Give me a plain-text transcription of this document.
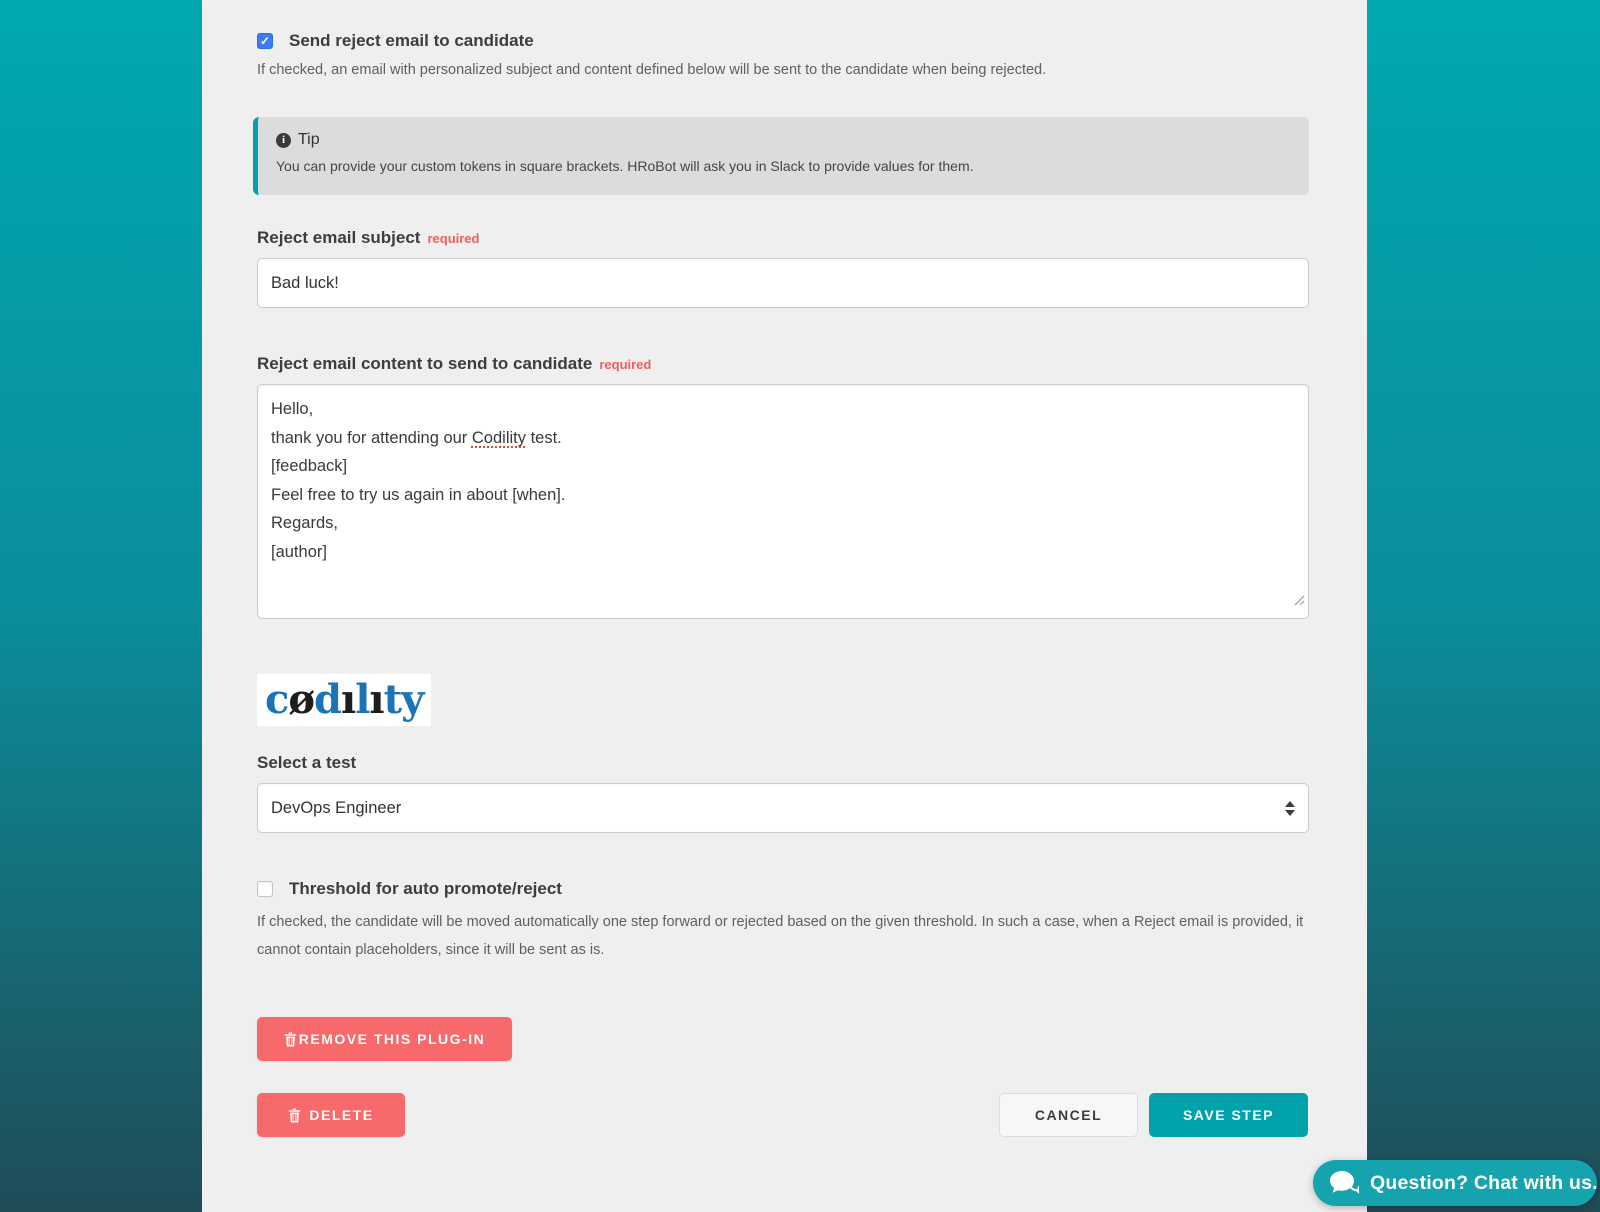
✓ Send reject email to candidate
If checked, an email with personalized subject and content defined below will be sent to the candidate when being rejected.
i Tip
You can provide your custom tokens in square brackets. HRoBot will ask you in Slack to provide values for them.
Reject email subject required
Bad luck!
Reject email content to send to candidate required
Hello,
thank you for attending our Codility test.
[feedback]
Feel free to try us again in about [when].
Regards,
[author]
cødılıty
Select a test
DevOps Engineer
Threshold for auto promote/reject
If checked, the candidate will be moved automatically one step forward or rejected based on the given threshold. In such a case, when a Reject email is provided, it cannot contain placeholders, since it will be sent as is.
REMOVE THIS PLUG-IN
DELETE	CANCEL	SAVE STEP
Question? Chat with us.
